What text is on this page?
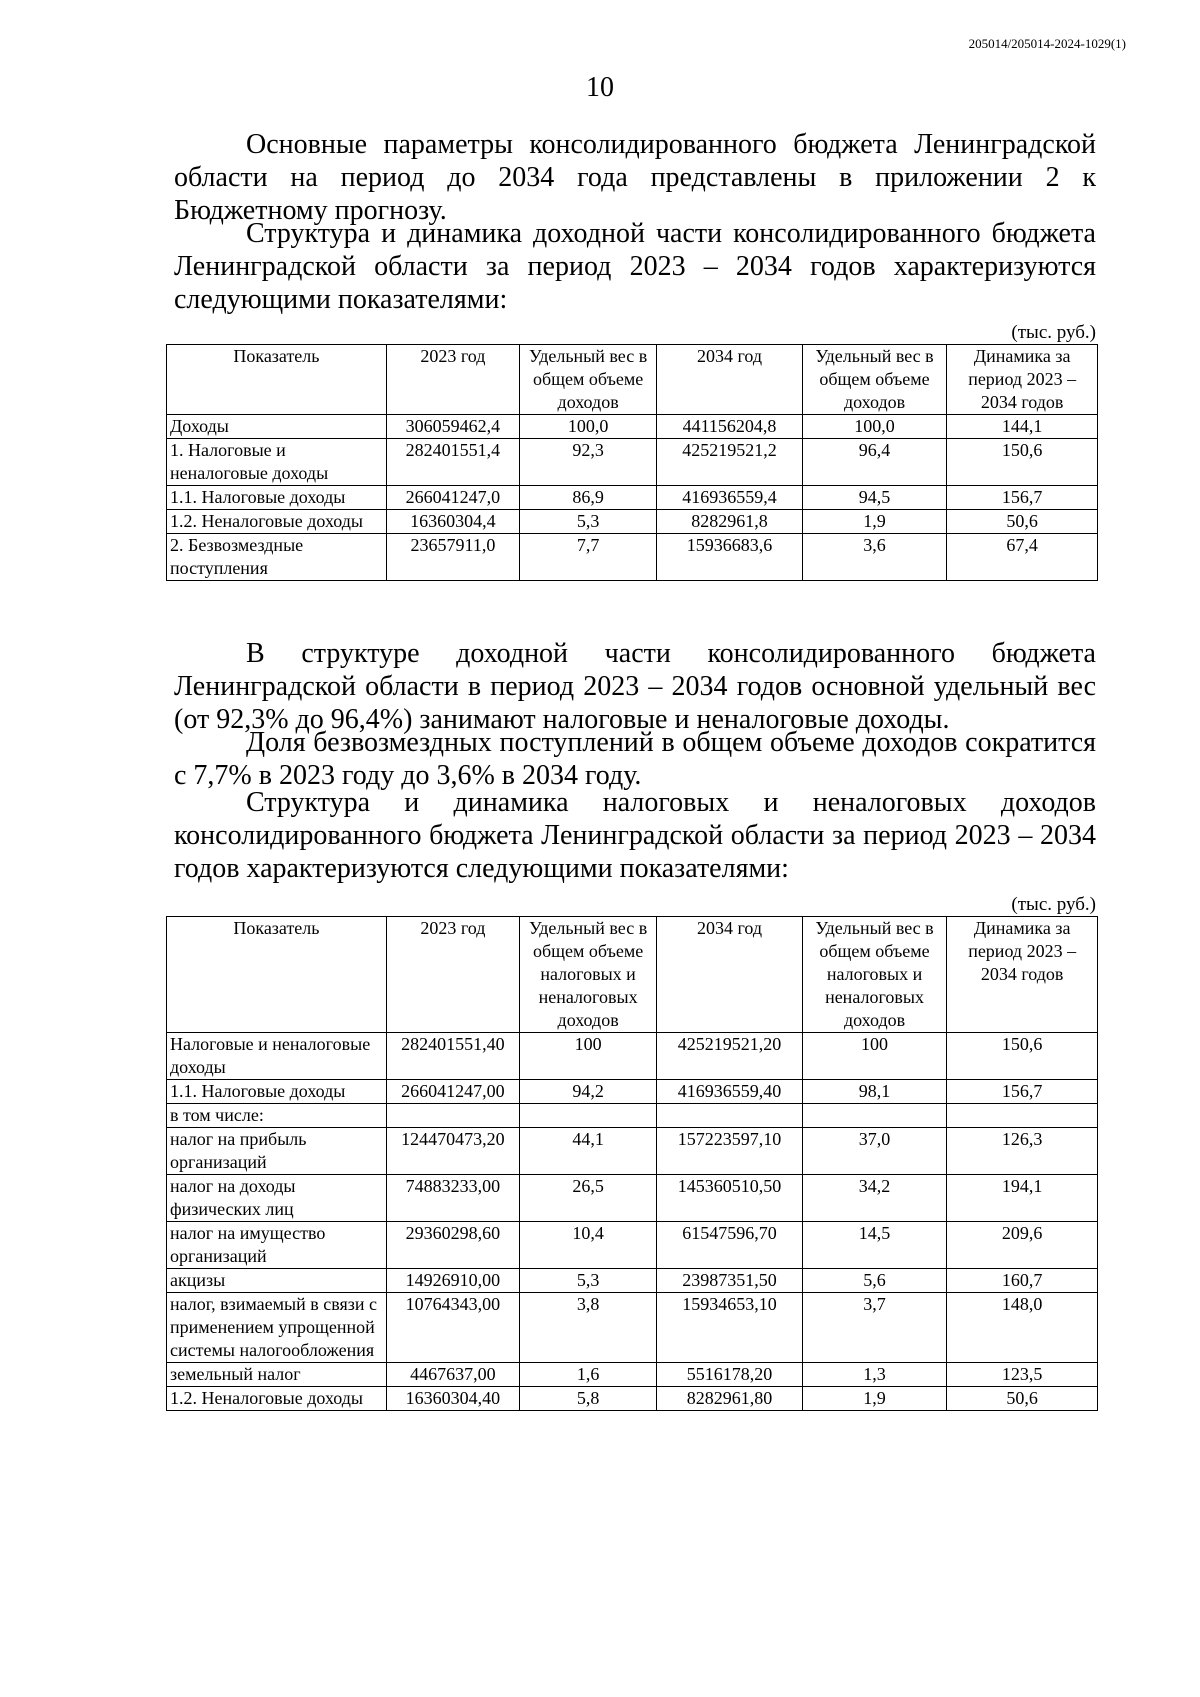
205014/205014-2024-1029(1)
10

Основные параметры консолидированного бюджета Ленинградской области на период до 2034 года представлены в приложении 2 к Бюджетному прогнозу.

Структура и динамика доходной части консолидированного бюджета Ленинградской области за период 2023 – 2034 годов характеризуются следующими показателями:

(тыс. руб.)
Показатель	2023 год	Удельный вес в общем объеме доходов	2034 год	Удельный вес в общем объеме доходов	Динамика за период 2023 – 2034 годов
Доходы	306059462,4	100,0	441156204,8	100,0	144,1
1. Налоговые и неналоговые доходы	282401551,4	92,3	425219521,2	96,4	150,6
1.1. Налоговые доходы	266041247,0	86,9	416936559,4	94,5	156,7
1.2. Неналоговые доходы	16360304,4	5,3	8282961,8	1,9	50,6
2. Безвозмездные поступления	23657911,0	7,7	15936683,6	3,6	67,4

В структуре доходной части консолидированного бюджета Ленинградской области в период 2023 – 2034 годов основной удельный вес (от 92,3% до 96,4%) занимают налоговые и неналоговые доходы.

Доля безвозмездных поступлений в общем объеме доходов сократится с 7,7% в 2023 году до 3,6% в 2034 году.

Структура и динамика налоговых и неналоговых доходов консолидированного бюджета Ленинградской области за период 2023 – 2034 годов характеризуются следующими показателями:

(тыс. руб.)
Показатель	2023 год	Удельный вес в общем объеме налоговых и неналоговых доходов	2034 год	Удельный вес в общем объеме налоговых и неналоговых доходов	Динамика за период 2023 – 2034 годов
Налоговые и неналоговые доходы	282401551,40	100	425219521,20	100	150,6
1.1. Налоговые доходы	266041247,00	94,2	416936559,40	98,1	156,7
в том числе:					
налог на прибыль организаций	124470473,20	44,1	157223597,10	37,0	126,3
налог на доходы физических лиц	74883233,00	26,5	145360510,50	34,2	194,1
налог на имущество организаций	29360298,60	10,4	61547596,70	14,5	209,6
акцизы	14926910,00	5,3	23987351,50	5,6	160,7
налог, взимаемый в связи с применением упрощенной системы налогообложения	10764343,00	3,8	15934653,10	3,7	148,0
земельный налог	4467637,00	1,6	5516178,20	1,3	123,5
1.2. Неналоговые доходы	16360304,40	5,8	8282961,80	1,9	50,6
